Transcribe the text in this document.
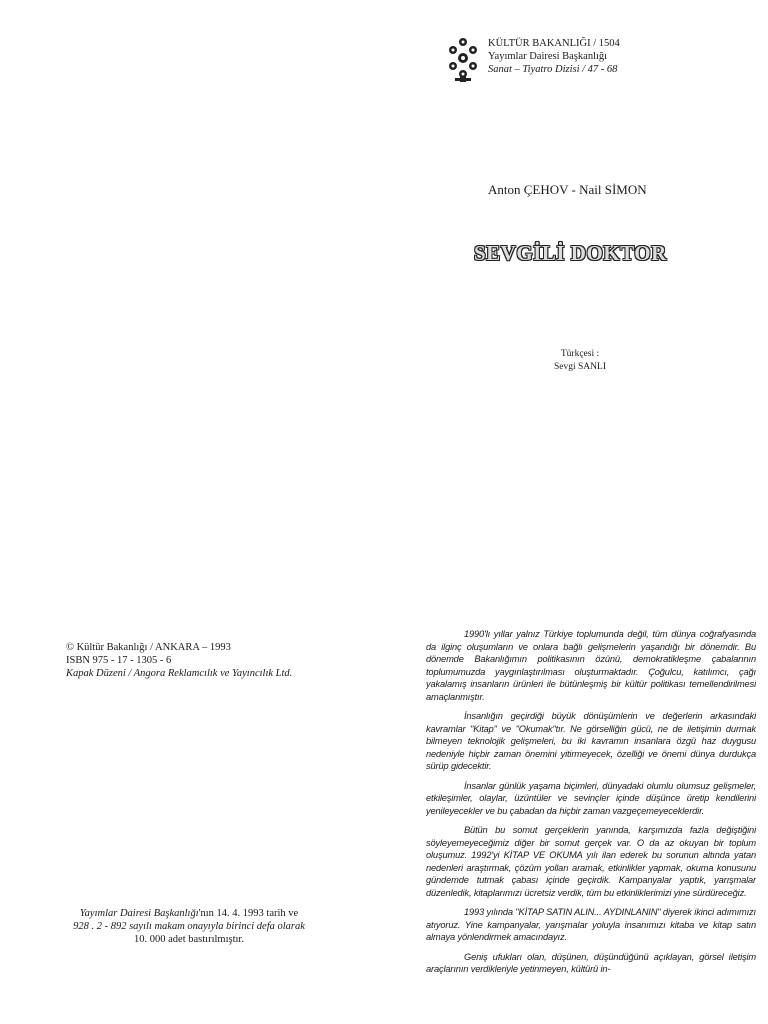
KÜLTÜR BAKANLIĞI / 1504
Yayımlar Dairesi Başkanlığı
Sanat – Tiyatro Dizisi / 47 - 68
Anton ÇEHOV - Nail SİMON
SEVGİLİ DOKTOR
Türkçesi :
Sevgi SANLI
© Kültür Bakanlığı / ANKARA – 1993
ISBN 975 - 17 - 1305 - 6
Kapak Düzeni / Angora Reklamcılık ve Yayıncılık Ltd.
Yayımlar Dairesi Başkanlığı'nın 14. 4. 1993 tarih ve
928 . 2 - 892 sayılı makam onayıyla birinci defa olarak
10. 000 adet bastırılmıştır.

1990'lı yıllar yalnız Türkiye toplumunda değil, tüm dünya coğrafyasında da ilginç oluşumların ve onlara bağlı gelişmelerin yaşandığı bir dönemdir. Bu dönemde Bakanlığımın politikasının özünü, demokratikleşme çabalarının toplumumuzda yaygınlaştırılması oluşturmaktadır. Çoğulcu, katılımcı, çağı yakalamış insanların ürünleri ile bütünleşmiş bir kültür politikası temellendirilmesi amaçlanmıştır.

İnsanlığın geçirdiği büyük dönüşümlerin ve değerlerin arkasındaki kavramlar "Kitap" ve "Okumak"tır. Ne görselliğin gücü, ne de iletişimin durmak bilmeyen teknolojik gelişmeleri, bu iki kavramın insanlara özgü haz duygusu nedeniyle hiçbir zaman önemini yitirmeyecek, özelliği ve önemi dünya durdukça sürüp gidecektir.

İnsanlar günlük yaşama biçimleri, dünyadaki olumlu olumsuz gelişmeler, etkileşimler, olaylar, üzüntüler ve sevinçler içinde düşünce üretip kendilerini yenileyecekler ve bu çabadan da hiçbir zaman vazgeçemeyeceklerdir.

Bütün bu somut gerçeklerin yanında, karşımızda fazla değiştiğini söyleyemeyeceğimiz diğer bir somut gerçek var. O da az okuyan bir toplum oluşumuz. 1992'yi KİTAP VE OKUMA yılı ilan ederek bu sorunun altında yatan nedenleri araştırmak, çözüm yolları aramak, etkinlikler yapmak, okuma konusunu gündemde tutmak çabası içinde geçirdik. Kampanyalar yaptık, yarışmalar düzenledik, kitaplarımızı ücretsiz verdik, tüm bu etkinliklerimizi yine sürdüreceğiz.

1993 yılında "KİTAP SATIN ALIN... AYDINLANIN" diyerek ikinci adımımızı atıyoruz. Yine kampanyalar, yarışmalar yoluyla insanımızı kitaba ve kitap satın almaya yönlendirmek amacındayız.

Geniş ufukları olan, düşünen, düşündüğünü açıklayan, görsel iletişim araçlarının verdikleriyle yetinmeyen, kültürü in-
